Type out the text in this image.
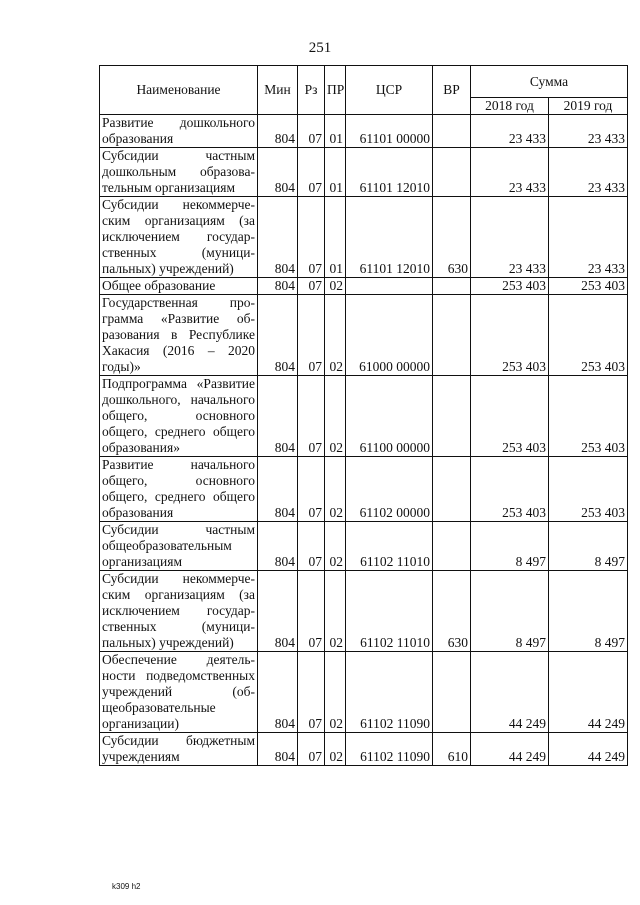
251
Наименование	Мин	Рз	ПР	ЦСР	ВР	Сумма	
						2018 год	2019 год
Развитие дошкольного образования	804	07	01	61101 00000		23 433	23 433
Субсидии частным дошкольным образовательным организациям	804	07	01	61101 12010		23 433	23 433
Субсидии некоммерческим организациям (за исключением государственных (муниципальных) учреждений)	804	07	01	61101 12010	630	23 433	23 433
Общее образование	804	07	02			253 403	253 403
Государственная программа «Развитие образования в Республике Хакасия (2016 – 2020 годы)»	804	07	02	61000 00000		253 403	253 403
Подпрограмма «Развитие дошкольного, начального общего, основного общего, среднего общего образования»	804	07	02	61100 00000		253 403	253 403
Развитие начального общего, основного общего, среднего общего образования	804	07	02	61102 00000		253 403	253 403
Субсидии частным общеобразовательным организациям	804	07	02	61102 11010		8 497	8 497
Субсидии некоммерческим организациям (за исключением государственных (муниципальных) учреждений)	804	07	02	61102 11010	630	8 497	8 497
Обеспечение деятельности подведомственных учреждений (общеобразовательные организации)	804	07	02	61102 11090		44 249	44 249
Субсидии бюджетным учреждениям	804	07	02	61102 11090	610	44 249	44 249
k309 h2
